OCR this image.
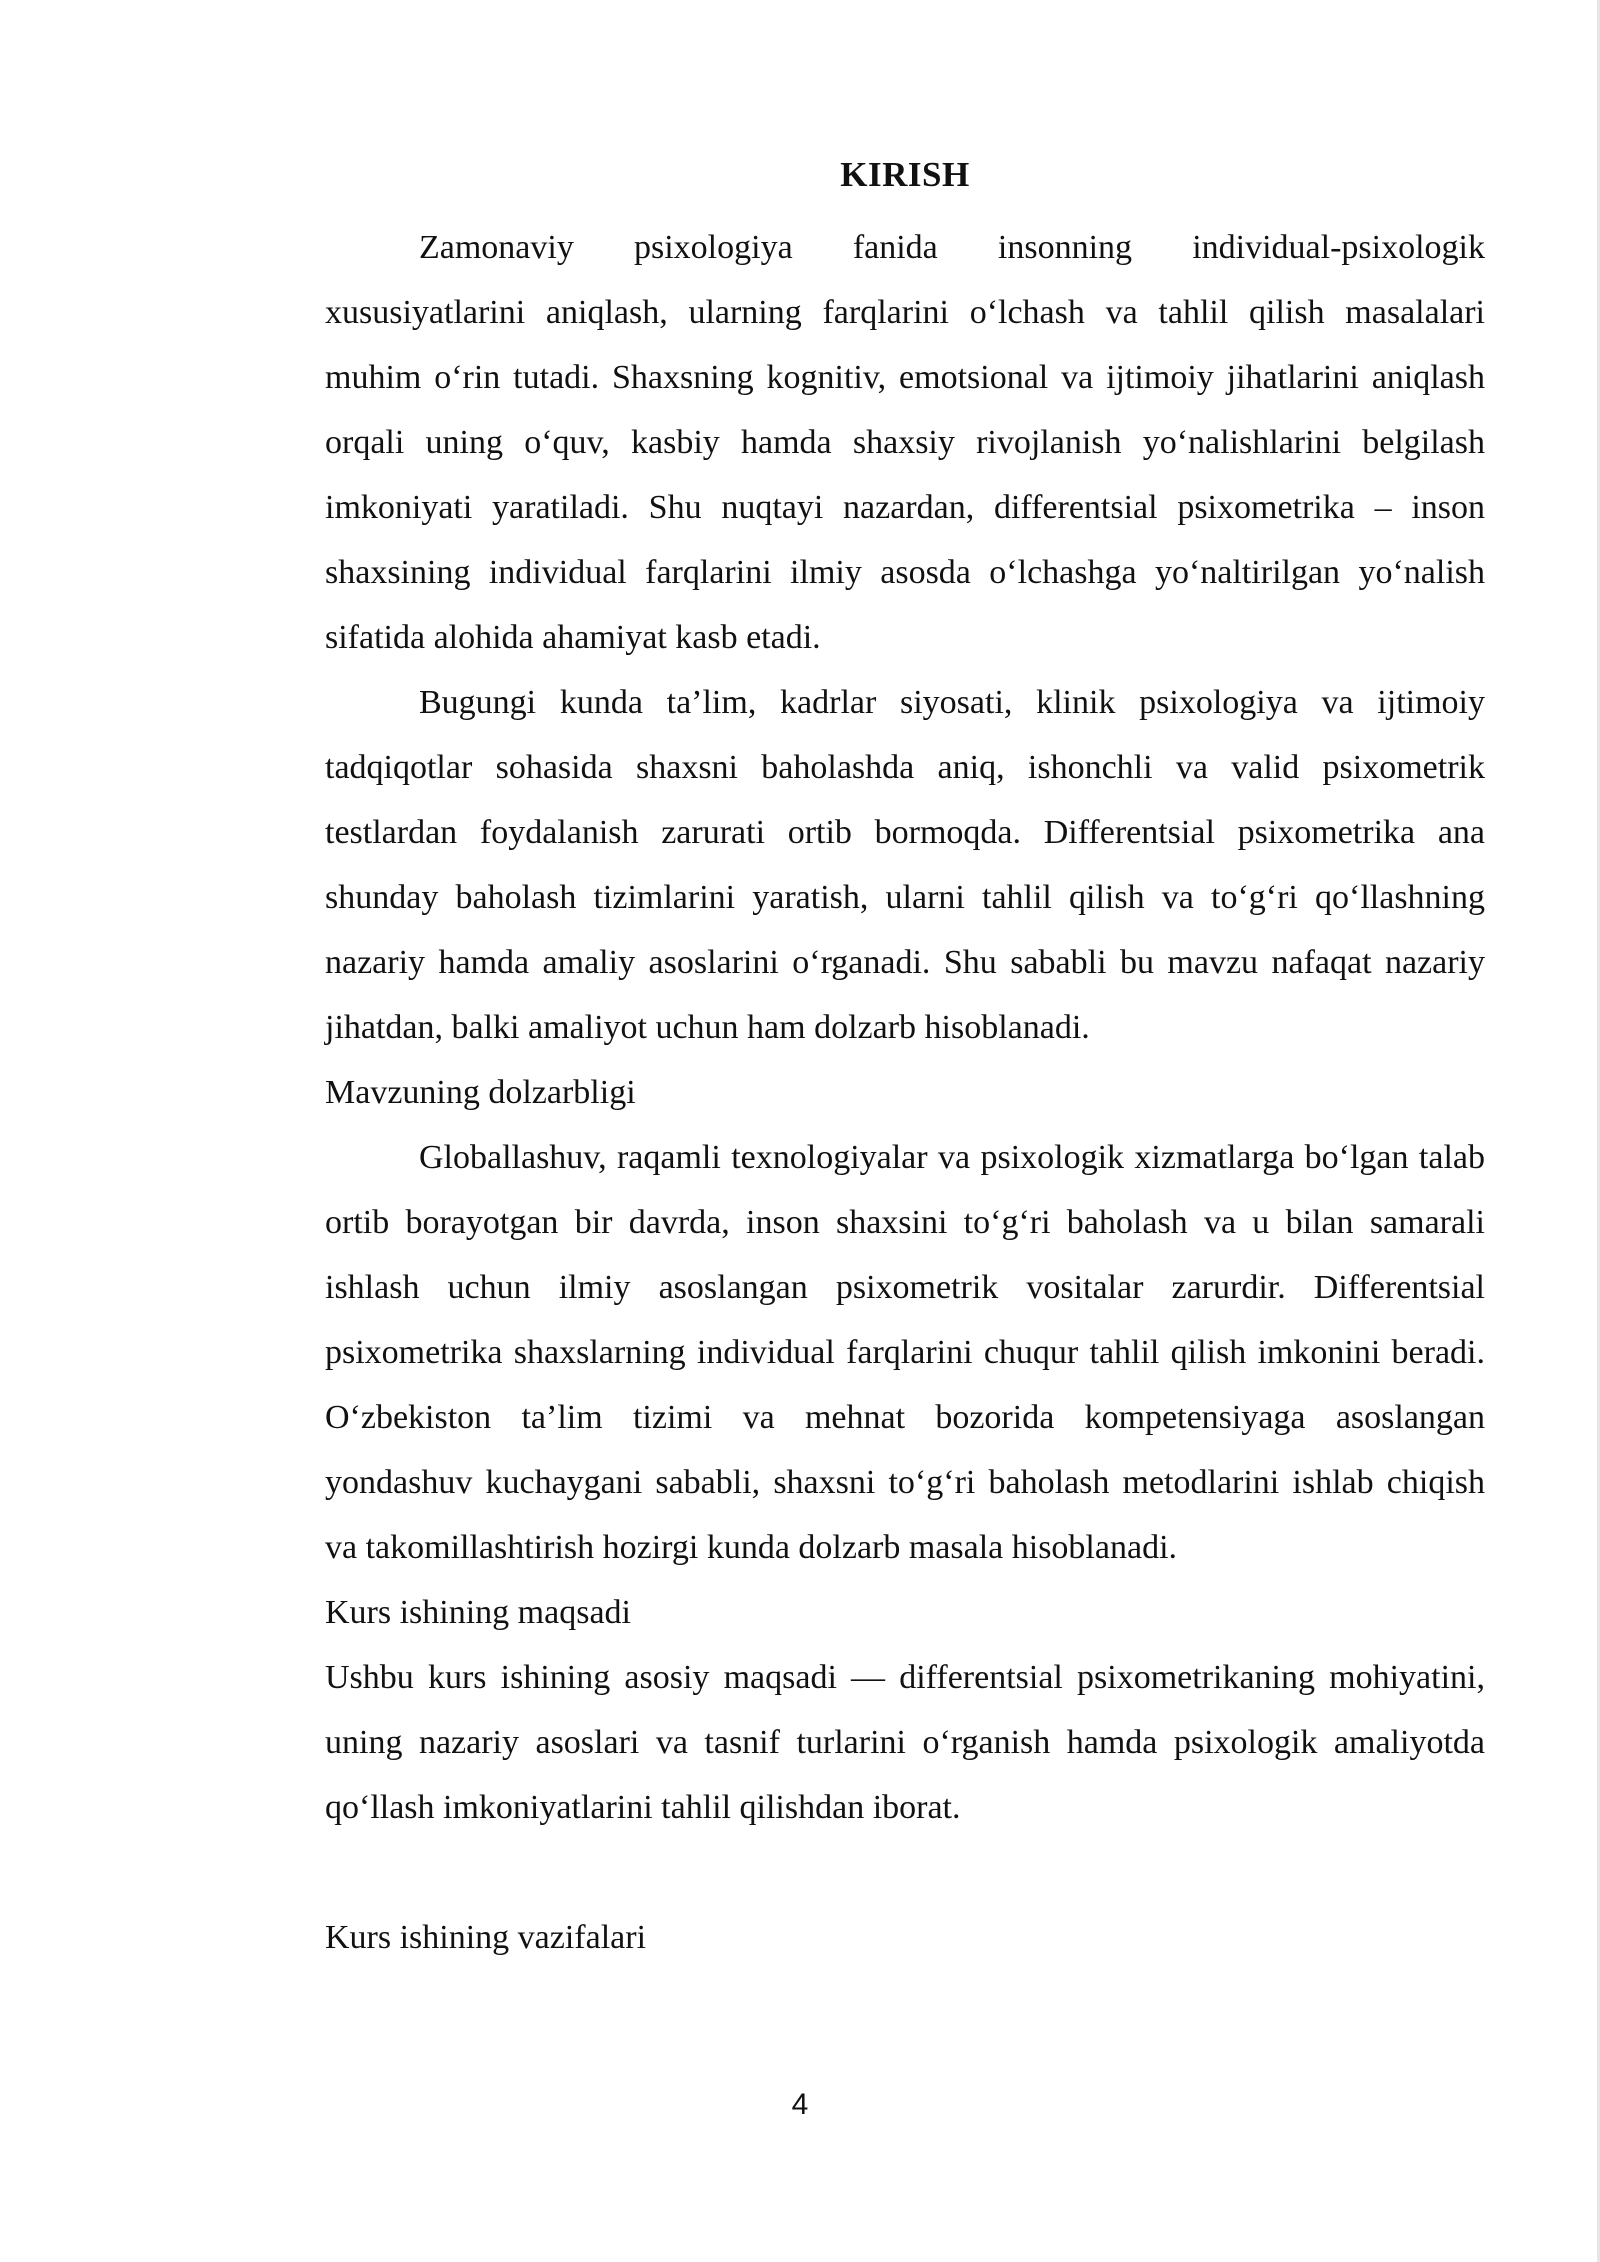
KIRISH

Zamonaviy psixologiya fanida insonning individual-psixologik xususiyatlarini aniqlash, ularning farqlarini o‘lchash va tahlil qilish masalalari muhim o‘rin tutadi. Shaxsning kognitiv, emotsional va ijtimoiy jihatlarini aniqlash orqali uning o‘quv, kasbiy hamda shaxsiy rivojlanish yo‘nalishlarini belgilash imkoniyati yaratiladi. Shu nuqtayi nazardan, differentsial psixometrika – inson shaxsining individual farqlarini ilmiy asosda o‘lchashga yo‘naltirilgan yo‘nalish sifatida alohida ahamiyat kasb etadi.

Bugungi kunda ta’lim, kadrlar siyosati, klinik psixologiya va ijtimoiy tadqiqotlar sohasida shaxsni baholashda aniq, ishonchli va valid psixometrik testlardan foydalanish zarurati ortib bormoqda. Differentsial psixometrika ana shunday baholash tizimlarini yaratish, ularni tahlil qilish va to‘g‘ri qo‘llashning nazariy hamda amaliy asoslarini o‘rganadi. Shu sababli bu mavzu nafaqat nazariy jihatdan, balki amaliyot uchun ham dolzarb hisoblanadi.

Mavzuning dolzarbligi

Globallashuv, raqamli texnologiyalar va psixologik xizmatlarga bo‘lgan talab ortib borayotgan bir davrda, inson shaxsini to‘g‘ri baholash va u bilan samarali ishlash uchun ilmiy asoslangan psixometrik vositalar zarurdir. Differentsial psixometrika shaxslarning individual farqlarini chuqur tahlil qilish imkonini beradi. O‘zbekiston ta’lim tizimi va mehnat bozorida kompetensiyaga asoslangan yondashuv kuchaygani sababli, shaxsni to‘g‘ri baholash metodlarini ishlab chiqish va takomillashtirish hozirgi kunda dolzarb masala hisoblanadi.

Kurs ishining maqsadi

Ushbu kurs ishining asosiy maqsadi — differentsial psixometrikaning mohiyatini, uning nazariy asoslari va tasnif turlarini o‘rganish hamda psixologik amaliyotda qo‘llash imkoniyatlarini tahlil qilishdan iborat.

Kurs ishining vazifalari

4
